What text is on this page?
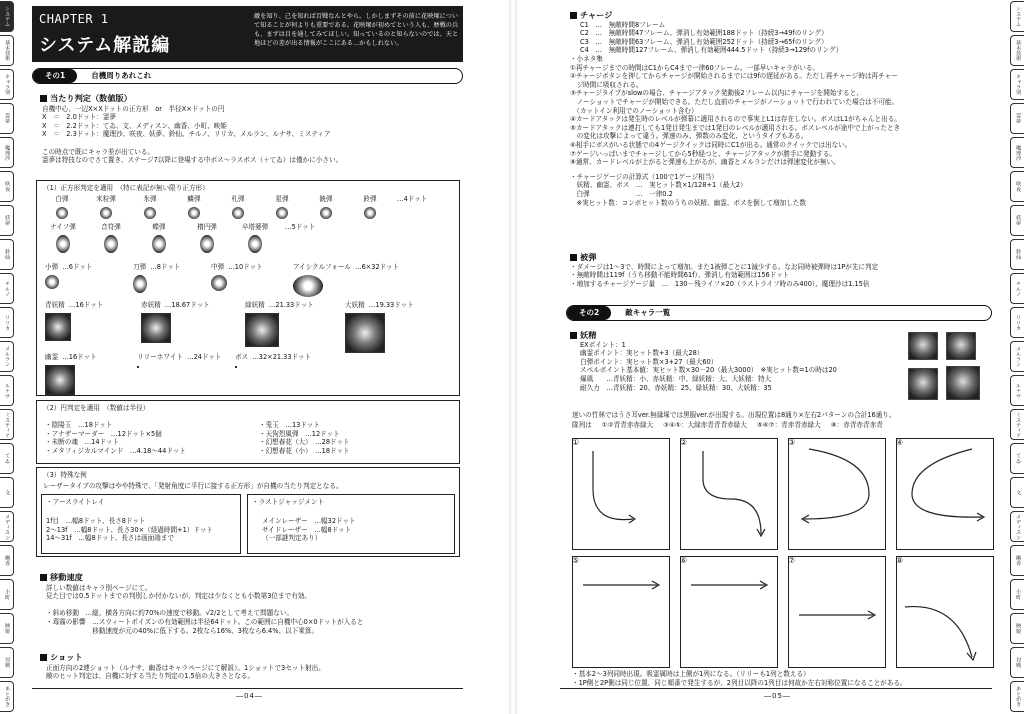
システム
基本技術
キャラ別
霊夢
魔理沙
咲夜
妖夢
鈴仙
チルノ
リリカ
メルラン
ルナサ
ミスティア
てゐ
文
メディスン
幽香
小町
映姫
対戦
あとがき
CHAPTER 1
システム解説編
敵を知り、己を知れば百戦なんとやら。しかしまずその前に花映塚について知ることが何よりも重要である。花映塚が初めてという人も、歴戦の兵も、まずは目を通してみてほしい。知っているのと知らないのでは、天と地ほどの差が出る情報がここにある…かもしれない。
その1	自機周りあれこれ
当たり判定（数値版）
自機中心、一辺X×Xドットの正方形　or　半径X×ドットの円
X　＝　2.0ドット：霊夢
X　＝　2.2ドット：てゐ、文、メディスン、幽香、小町、映姫
X　＝　2.3ドット：魔理沙、咲夜、妖夢、鈴仙、チルノ、リリカ、メルラン、ルナサ、ミスティア
この時点で既にキャラ差が出ている。
霊夢は特技なのでさて置き、ステージ7以降に登場する中ボス～ラスボス（＋てゐ）は僅かに小さい。
（1）正方形判定を適用　（特に表記が無い限り正方形）
白弾	米粒弾	氷弾	鱗弾	札弾	星弾	銃弾	鈴弾	…4ドット
ナイフ弾	音符弾	蝶弾	楕円弾	卒塔婆弾	…5ドット
小弾 …6ドット	刀弾 …8ドット	中弾 …10ドット	アイシクルフォール …6×32ドット
青妖精 …16ドット	赤妖精 …18.67ドット	緑妖精 …21.33ドット	大妖精 …19.33ドット
幽霊 …16ドット	リリーホワイト …24ドット ボス …32×21.33ドット
（2）円判定を適用　（数値は半径）
・陰陽玉　…18ドット
・アナザーマーダー　…12ドット×5個
・未断の魂　…14ドット
・メタフィジカルマインド　…4.18～44ドット
・兎玉　…13ドット
・天狗烈風弾　…12ドット
・幻想春花（大）　…28ドット
・幻想春花（小）　…18ドット
（3）特殊な例
レーザータイプの攻撃はやや特殊で、「発射角度に平行に接する正方形」が自機の当たり判定となる。
・アースライトレイ
1f目　…幅8ドット、長さ8ドット
2～13f　…幅8ドット、長さ30×（経過時間+1）ドット
14～31f　…幅8ドット、長さは画面端まで
・ラストジャッジメント
メインレーザー　…幅32ドット
サイドレーザー　…幅8ドット
（一部謎判定あり）
移動速度
詳しい数値はキャラ別ページにて。
見た目では0.5ドットまでの判別しか付かないが、判定は少なくとも小数第3位まで有効。
・斜め移動　…縦、横各方向に約70%の速度で移動。√2/2として考えて問題ない。
・毒霧の影響　…スウィートポイズンの有効範囲は半径64ドット。この範囲に自機中心0×0ドットが入ると
　　　　　　　移動速度が元の40%に低下する。2枚なら16%、3枚なら6.4%、以下乗算。
ショット
正面方向の2連ショット（ルナサ、幽香はキャラページにて解説）。1ショットで3セット射出。
敵のヒット判定は、自機に対する当たり判定の1.5倍の大きさとなる。
―04―
システム
基本技術
キャラ別
霊夢
魔理沙
咲夜
妖夢
鈴仙
チルノ
リリカ
メルラン
ルナサ
ミスティア
てゐ
文
メディスン
幽香
小町
映姫
対戦
あとがき
チャージ
C1　…　無敵時間8フレーム
C2　…　無敵時間47フレーム、弾消し有効範囲188ドット（持続3→49fのリング）
C3　…　無敵時間63フレーム、弾消し有効範囲252ドット（持続3→65fのリング）
C4　…　無敵時間127フレーム、弾消し有効範囲444.5ドット（持続3→129fのリング）
・小ネタ集
①再チャージまでの時間はC1からC4まで一律60フレーム。一部早いキャラがいる。
②チャージボタンを押してからチャージが開始されるまでには9fの遅延がある。ただし再チャージ時は再チャー
　ジ時間に吸収される。
③チャージタイプがslowの場合、チャージアタック発動後2フレーム以内にチャージを開始すると、
　ノーショットでチャージが開始できる。ただし直前のチャージがノーショットで行われていた場合は不可能。
　（カットイン利用でのノーショット含む）
④カードアタックは発生時のレベルが弾幕に適用されるので事実上L1は存在しない。ボスはL1がちゃんと出る。
⑤カードアタックは連打しても1発目発生までは1発目のレベルが適用される。ボスレベルが途中で上がったとき
　の変化は攻撃によって違う。弾速のみ、弾数のみ変化、というタイプもある。
⑥相手にボスがいる状態での4ゲージクイックは同時にC1が出る。通常のクイックでは出ない。
⑦ゲージいっぱいまでチャージしてから5秒経つと、チャージアタックが勝手に発動する。
⑧通常、カードレベルが上がると弾速も上がるが、幽香とメルランだけは弾速変化が無い。
・チャージゲージの計算式（100で1ゲージ相当）
　妖精、幽霊、ボス　…　実ヒット数×1/128+1（最大2）
　白弾　　　　　　　…　一律0.2
　※実ヒット数：コンボヒット数のうちの妖精、幽霊、ボスを倒して増加した数
被弾
・ダメージは1～3で、時間によって増加。また1被弾ごとに1減少する。なお同時被弾時は1Pが先に判定
・無敵時間は119f（うち移動不能時間61f）、弾消し有効範囲は156ドット
・増加するチャージゲージ量　…　130－残ライフ×20（ラストライフ時のみ400）、魔理沙は1.15倍
その2	敵キャラ一覧
妖精
EXポイント：1
幽霊ポイント：実ヒット数+3（最大28）
白弾ポイント：実ヒット数×3+27（最大60）
スペルポイント基本値：実ヒット数×30－20（最大3000）　※実ヒット数=1の時は20
爆風　　…青妖精：小、赤妖精：中、緑妖精：大、大妖精：特大
耐久力　…青妖精：20、赤妖精：25、緑妖精：30、大妖精：35
迷いの竹林ではうさ耳ver.無縁塚では黒服ver.が出現する。出現位置は8通り×左右2パターンの合計16通り。
隊列は ①②青青赤赤緑大 ③④⑤：大緑赤青青青赤緑大 ⑤⑥⑦：青赤青赤緑大 ⑧：赤青赤青赤青
①	②	③	④
⑤	⑥	⑦	⑧
・基本2～3列同時出現。吸霊属時は上側が1列になる。（リリーも1列と数える）
・1P側と2P側は同じ位置、同じ順番で発生するが、2列目以降の1列目は何故か左右対称位置になることがある。
―05―
